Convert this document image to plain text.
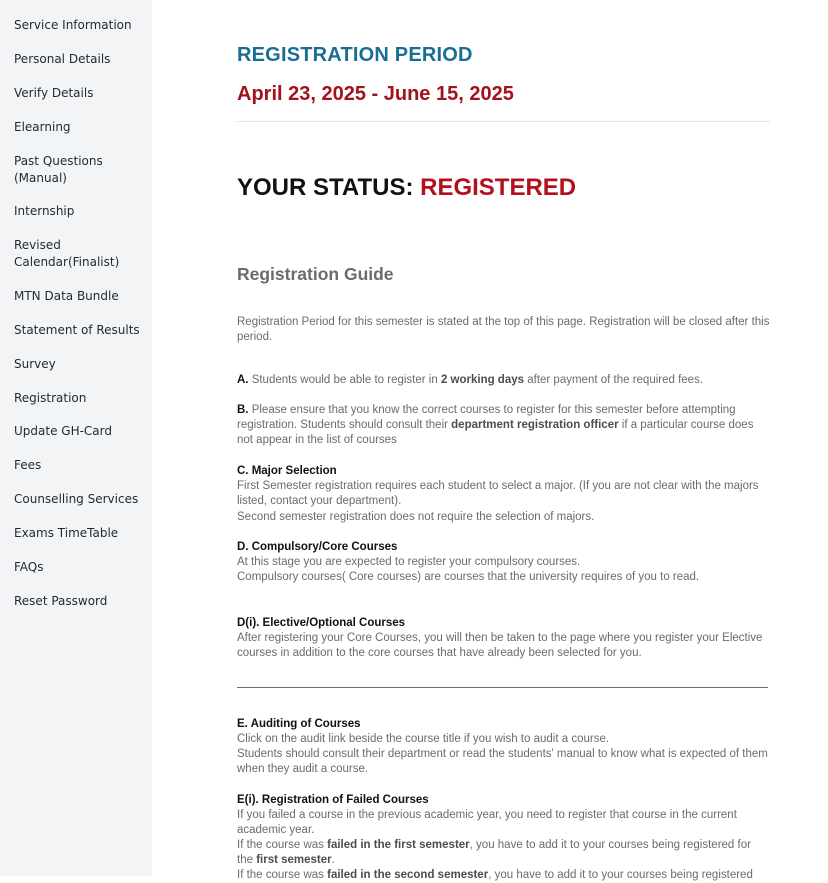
Service Information
Personal Details
Verify Details
Elearning
Past Questions (Manual)
Internship
Revised Calendar(Finalist)
MTN Data Bundle
Statement of Results
Survey
Registration
Update GH-Card
Fees
Counselling Services
Exams TimeTable
FAQs
Reset Password
REGISTRATION PERIOD
April 23, 2025 - June 15, 2025
YOUR STATUS: REGISTERED
Registration Guide
Registration Period for this semester is stated at the top of this page. Registration will be closed after this period.
A. Students would be able to register in 2 working days after payment of the required fees.
B. Please ensure that you know the correct courses to register for this semester before attempting registration. Students should consult their department registration officer if a particular course does not appear in the list of courses
C. Major Selection
First Semester registration requires each student to select a major. (If you are not clear with the majors listed, contact your department).
Second semester registration does not require the selection of majors.
D. Compulsory/Core Courses
At this stage you are expected to register your compulsory courses.
Compulsory courses( Core courses) are courses that the university requires of you to read.
D(i). Elective/Optional Courses
After registering your Core Courses, you will then be taken to the page where you register your Elective courses in addition to the core courses that have already been selected for you.
E. Auditing of Courses
Click on the audit link beside the course title if you wish to audit a course.
Students should consult their department or read the students' manual to know what is expected of them when they audit a course.
E(i). Registration of Failed Courses
If you failed a course in the previous academic year, you need to register that course in the current academic year.
If the course was failed in the first semester, you have to add it to your courses being registered for the first semester.
If the course was failed in the second semester, you have to add it to your courses being registered
